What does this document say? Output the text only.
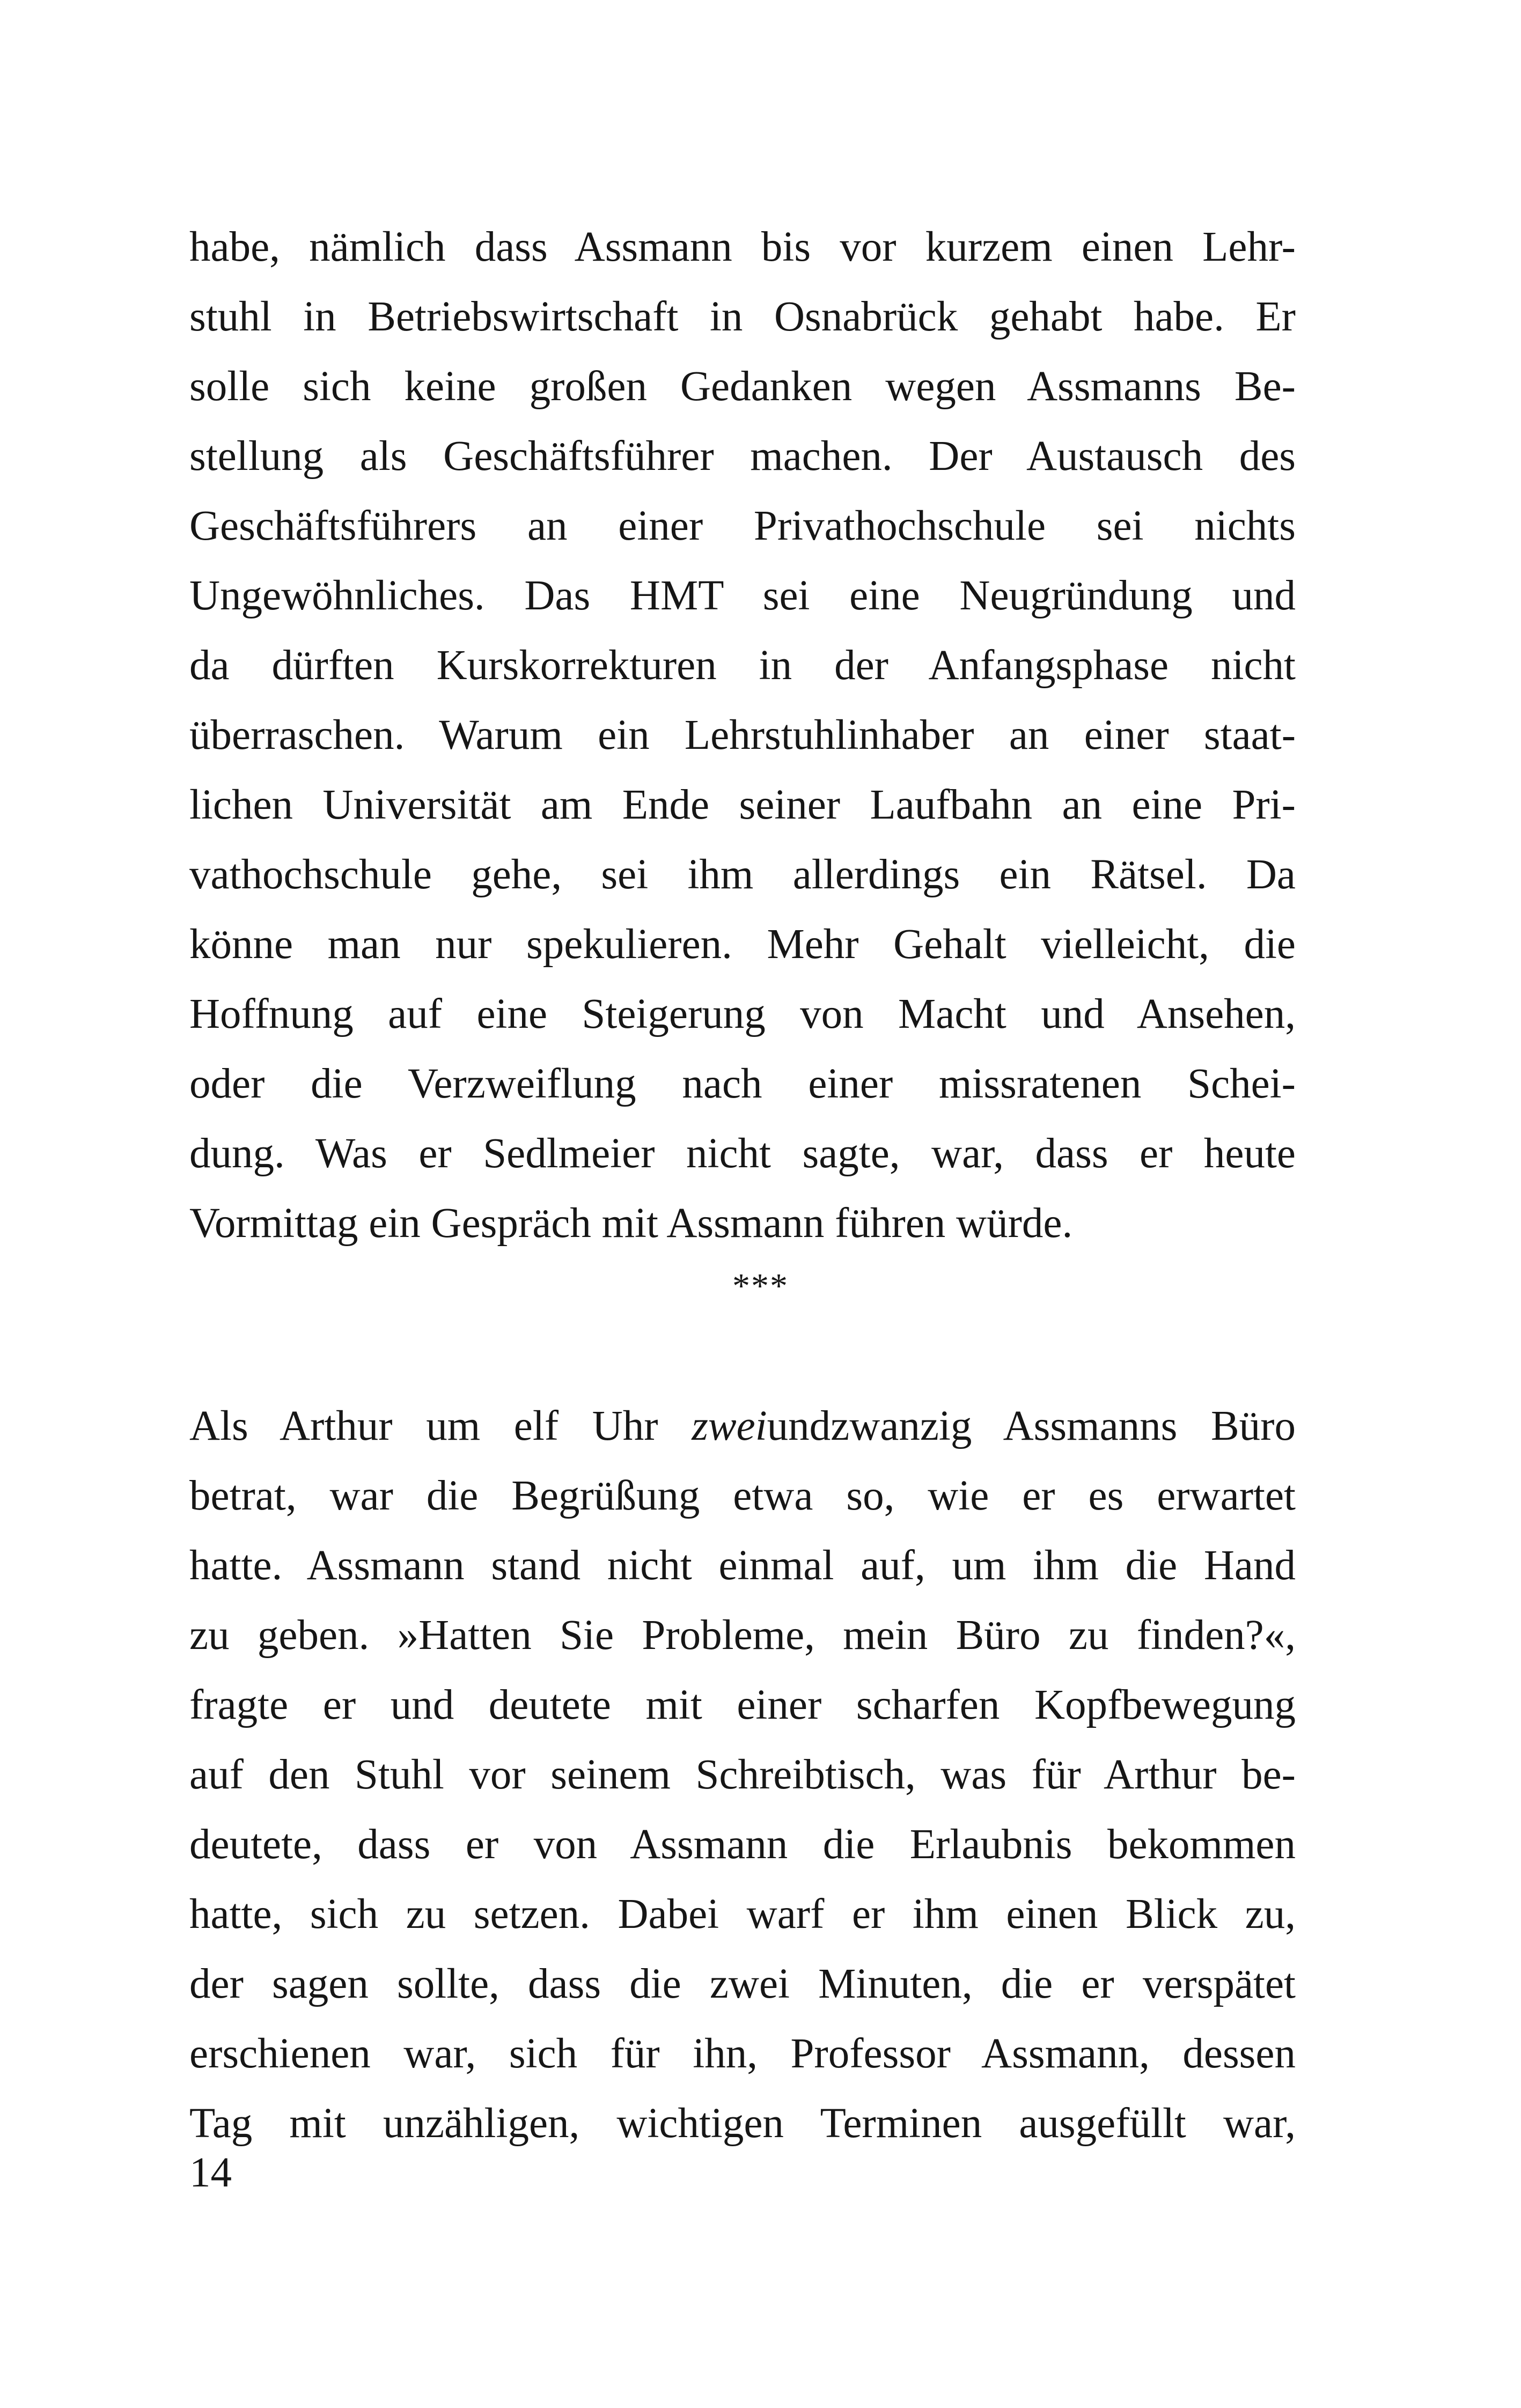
habe, nämlich dass Assmann bis vor kurzem einen Lehr-
stuhl in Betriebswirtschaft in Osnabrück gehabt habe. Er
solle sich keine großen Gedanken wegen Assmanns Be-
stellung als Geschäftsführer machen. Der Austausch des
Geschäftsführers an einer Privathochschule sei nichts
Ungewöhnliches. Das HMT sei eine Neugründung und
da dürften Kurskorrekturen in der Anfangsphase nicht
überraschen. Warum ein Lehrstuhlinhaber an einer staat-
lichen Universität am Ende seiner Laufbahn an eine Pri-
vathochschule gehe, sei ihm allerdings ein Rätsel. Da
könne man nur spekulieren. Mehr Gehalt vielleicht, die
Hoffnung auf eine Steigerung von Macht und Ansehen,
oder die Verzweiflung nach einer missratenen Schei-
dung. Was er Sedlmeier nicht sagte, war, dass er heute
Vormittag ein Gespräch mit Assmann führen würde.
***
Als Arthur um elf Uhr zweiundzwanzig Assmanns Büro
betrat, war die Begrüßung etwa so, wie er es erwartet
hatte. Assmann stand nicht einmal auf, um ihm die Hand
zu geben. »Hatten Sie Probleme, mein Büro zu finden?«,
fragte er und deutete mit einer scharfen Kopfbewegung
auf den Stuhl vor seinem Schreibtisch, was für Arthur be-
deutete, dass er von Assmann die Erlaubnis bekommen
hatte, sich zu setzen. Dabei warf er ihm einen Blick zu,
der sagen sollte, dass die zwei Minuten, die er verspätet
erschienen war, sich für ihn, Professor Assmann, dessen
Tag mit unzähligen, wichtigen Terminen ausgefüllt war,
14
